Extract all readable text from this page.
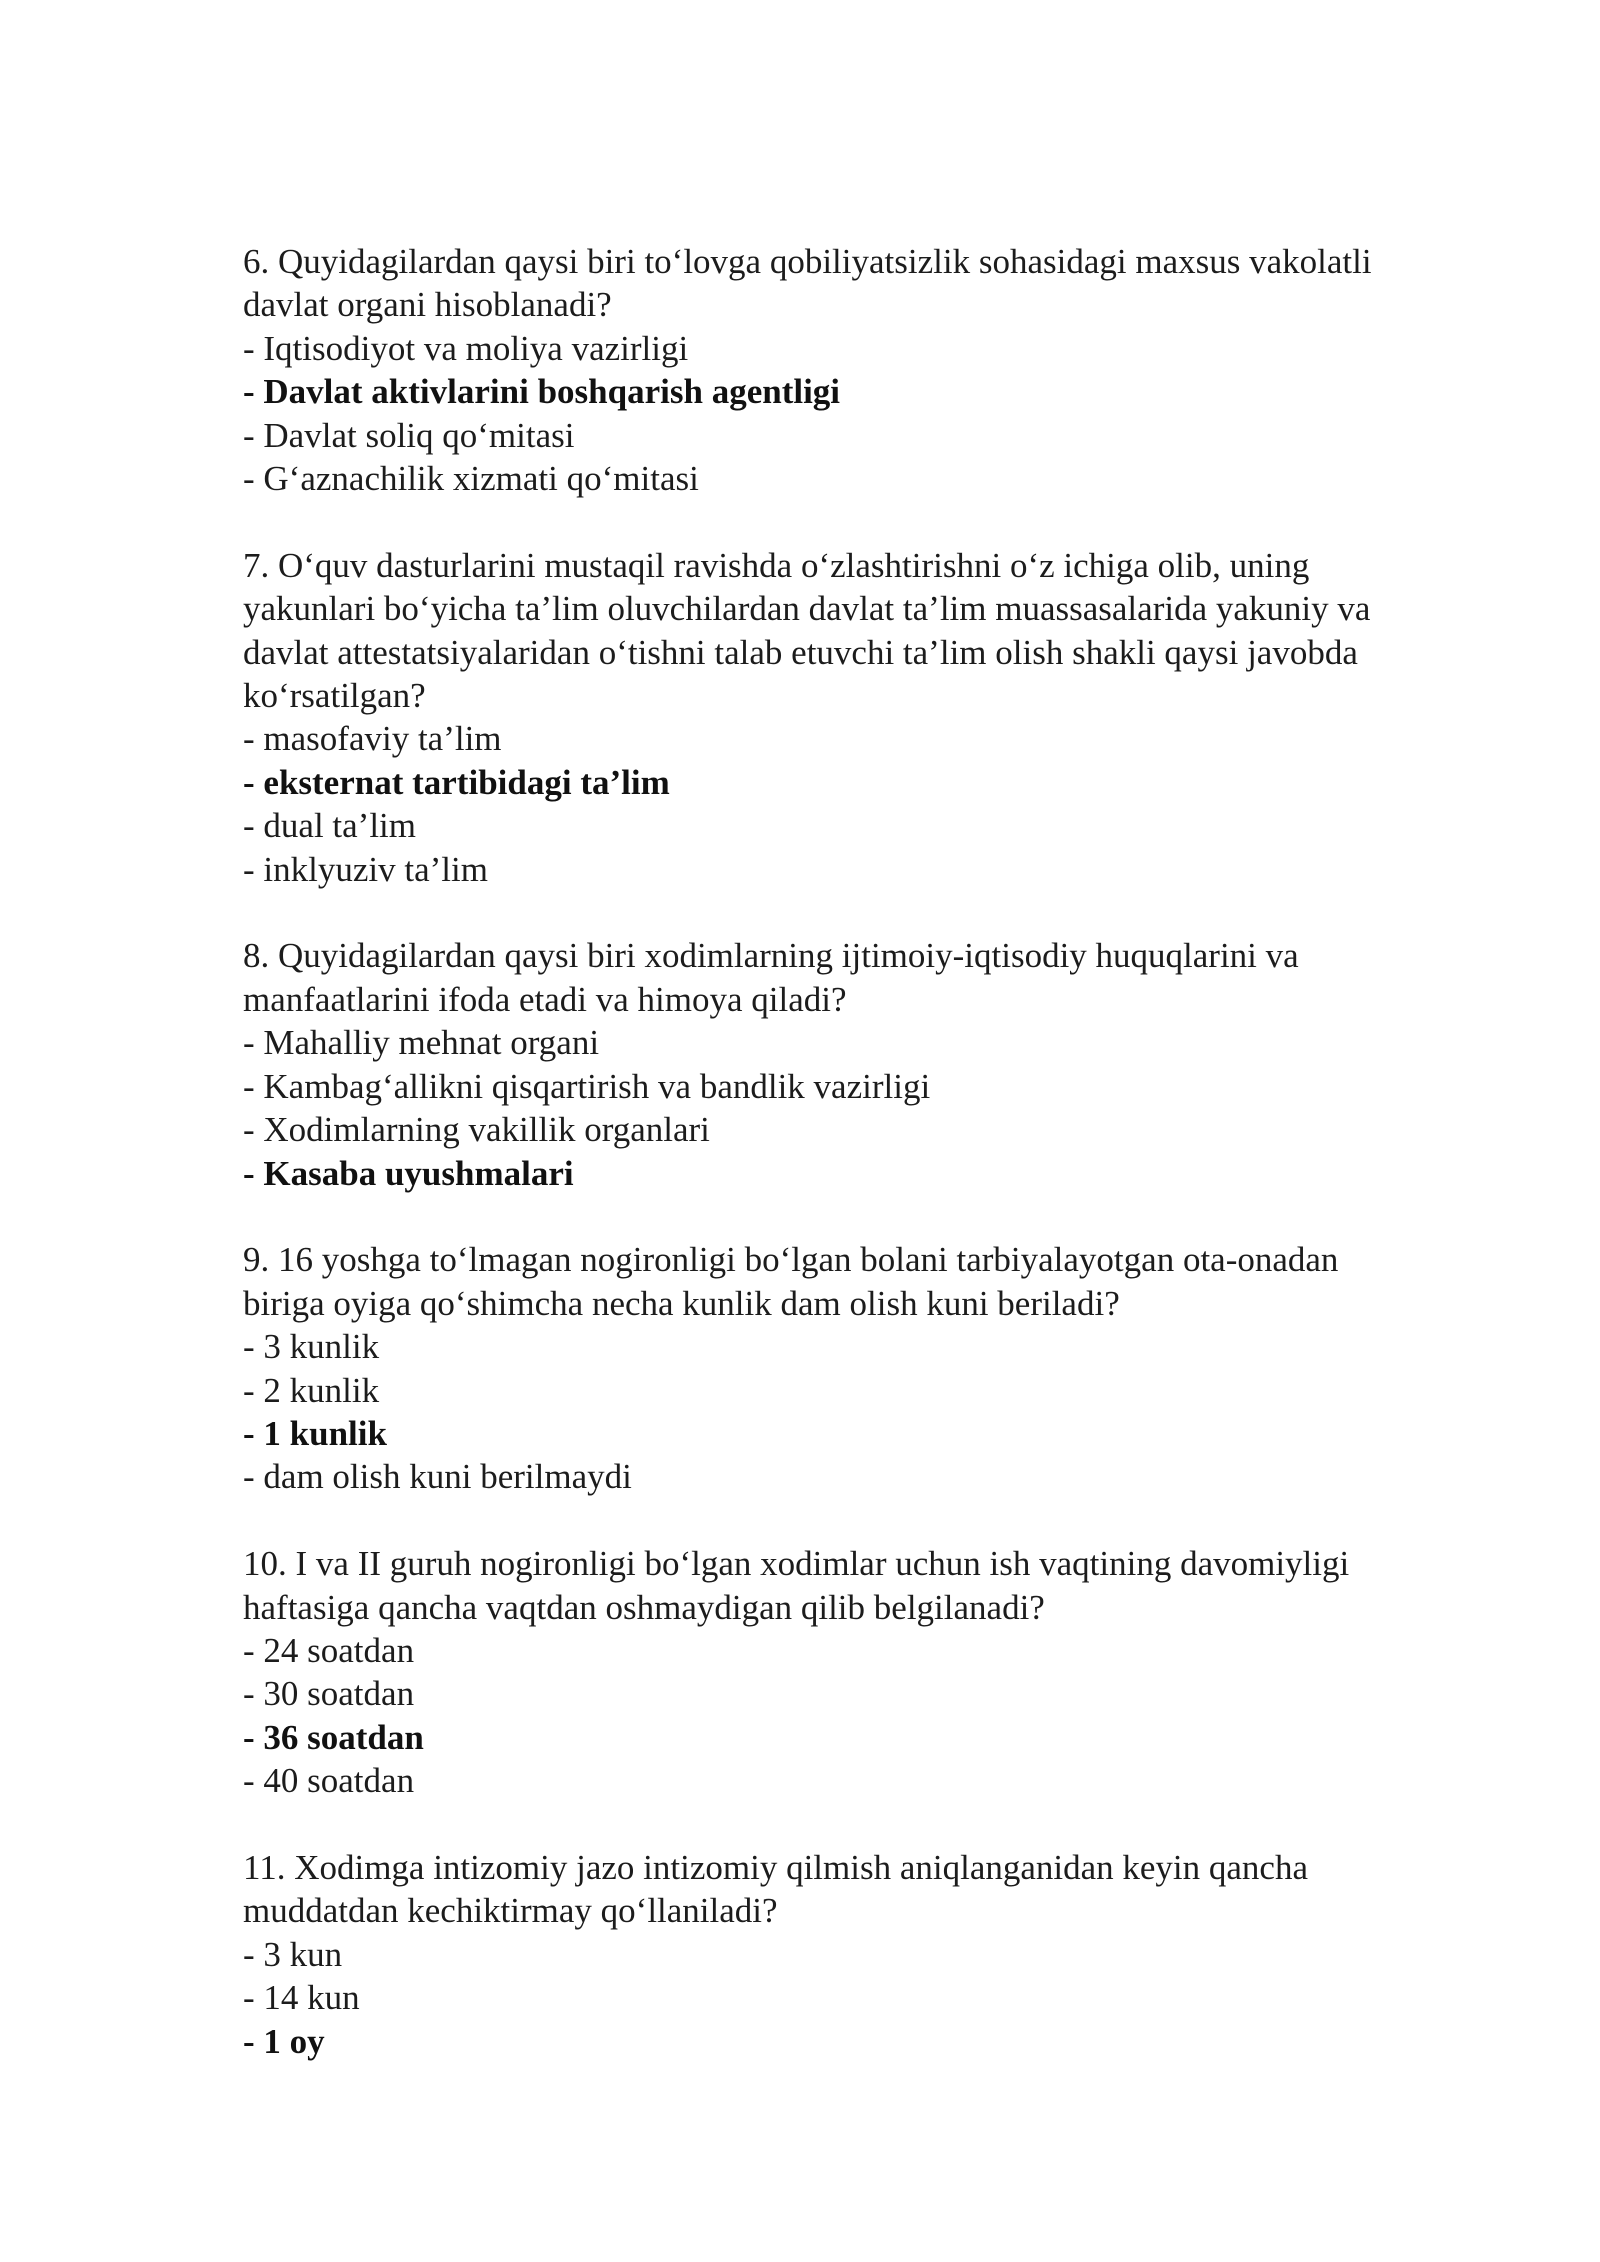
6. Quyidagilardan qaysi biri to‘lovga qobiliyatsizlik sohasidagi maxsus vakolatli davlat organi hisoblanadi?

- Iqtisodiyot va moliya vazirligi
- Davlat aktivlarini boshqarish agentligi
- Davlat soliq qo‘mitasi
- G‘aznachilik xizmati qo‘mitasi

7. O‘quv dasturlarini mustaqil ravishda o‘zlashtirishni o‘z ichiga olib, uning yakunlari bo‘yicha ta’lim oluvchilardan davlat ta’lim muassasalarida yakuniy va davlat attestatsiyalaridan o‘tishni talab etuvchi ta’lim olish shakli qaysi javobda ko‘rsatilgan?

- masofaviy ta’lim
- eksternat tartibidagi ta’lim
- dual ta’lim
- inklyuziv ta’lim

8. Quyidagilardan qaysi biri xodimlarning ijtimoiy-iqtisodiy huquqlarini va manfaatlarini ifoda etadi va himoya qiladi?

- Mahalliy mehnat organi
- Kambag‘allikni qisqartirish va bandlik vazirligi
- Xodimlarning vakillik organlari
- Kasaba uyushmalari

9. 16 yoshga to‘lmagan nogironligi bo‘lgan bolani tarbiyalayotgan ota-onadan biriga oyiga qo‘shimcha necha kunlik dam olish kuni beriladi?

- 3 kunlik
- 2 kunlik
- 1 kunlik
- dam olish kuni berilmaydi

10. I va II guruh nogironligi bo‘lgan xodimlar uchun ish vaqtining davomiyligi haftasiga qancha vaqtdan oshmaydigan qilib belgilanadi?

- 24 soatdan
- 30 soatdan
- 36 soatdan
- 40 soatdan

11. Xodimga intizomiy jazo intizomiy qilmish aniqlanganidan keyin qancha muddatdan kechiktirmay qo‘llaniladi?

- 3 kun
- 14 kun
- 1 oy
